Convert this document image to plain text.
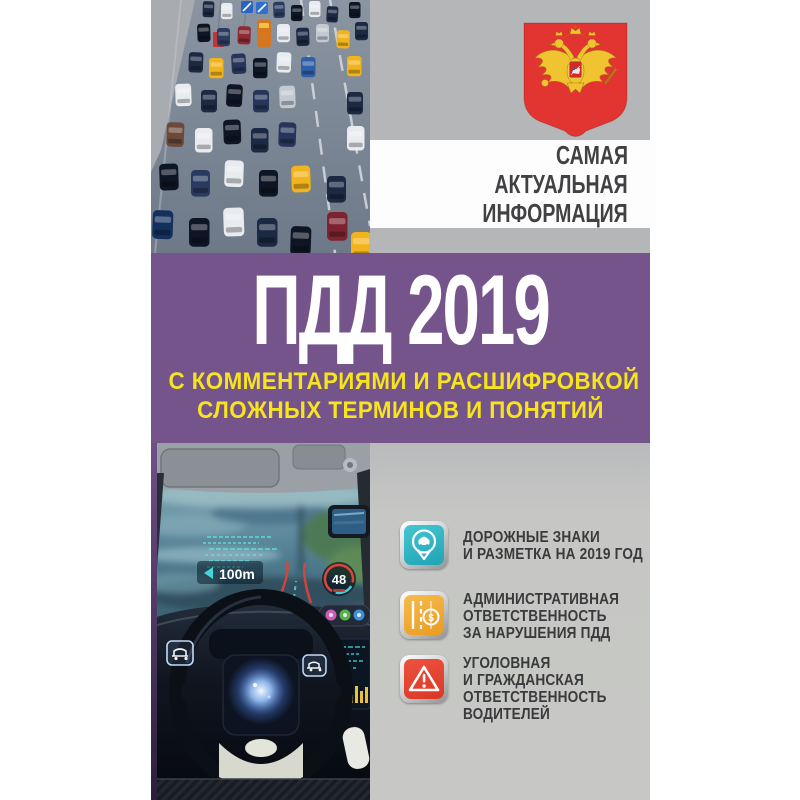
САМАЯ
АКТУАЛЬНАЯ
ИНФОРМАЦИЯ
ПДД 2019
С КОММЕНТАРИЯМИ И РАСШИФРОВКОЙ
СЛОЖНЫХ ТЕРМИНОВ И ПОНЯТИЙ
100m	48
ДОРОЖНЫЕ ЗНАКИ
И РАЗМЕТКА НА 2019 ГОД
$
АДМИНИСТРАТИВНАЯ
ОТВЕТСТВЕННОСТЬ
ЗА НАРУШЕНИЯ ПДД
УГОЛОВНАЯ
И ГРАЖДАНСКАЯ
ОТВЕТСТВЕННОСТЬ
ВОДИТЕЛЕЙ
